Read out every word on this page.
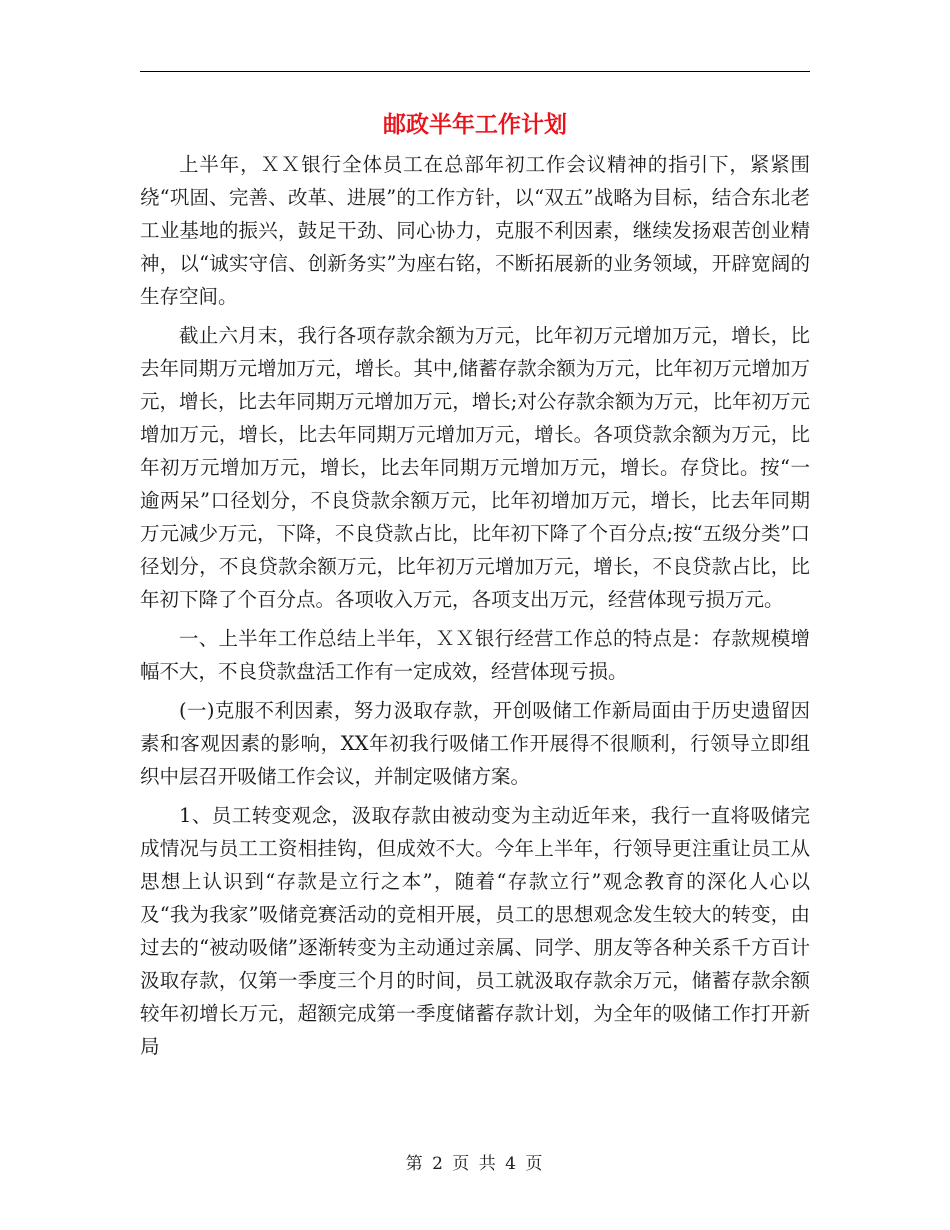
邮政半年工作计划

上半年，ＸＸ银行全体员工在总部年初工作会议精神的指引下，紧紧围绕“巩固、完善、改革、进展”的工作方针，以“双五”战略为目标，结合东北老工业基地的振兴，鼓足干劲、同心协力，克服不利因素，继续发扬艰苦创业精神，以“诚实守信、创新务实”为座右铭，不断拓展新的业务领域，开辟宽阔的生存空间。

截止六月末，我行各项存款余额为万元，比年初万元增加万元，增长，比去年同期万元增加万元，增长。其中,储蓄存款余额为万元，比年初万元增加万元，增长，比去年同期万元增加万元，增长;对公存款余额为万元，比年初万元增加万元，增长，比去年同期万元增加万元，增长。各项贷款余额为万元，比年初万元增加万元，增长，比去年同期万元增加万元，增长。存贷比。按“一逾两呆”口径划分，不良贷款余额万元，比年初增加万元，增长，比去年同期万元减少万元，下降，不良贷款占比，比年初下降了个百分点;按“五级分类”口径划分，不良贷款余额万元，比年初万元增加万元，增长，不良贷款占比，比年初下降了个百分点。各项收入万元，各项支出万元，经营体现亏损万元。

一、上半年工作总结上半年，ＸＸ银行经营工作总的特点是：存款规模增幅不大，不良贷款盘活工作有一定成效，经营体现亏损。

(一)克服不利因素，努力汲取存款，开创吸储工作新局面由于历史遗留因素和客观因素的影响，XX年初我行吸储工作开展得不很顺利，行领导立即组织中层召开吸储工作会议，并制定吸储方案。

1、员工转变观念，汲取存款由被动变为主动近年来，我行一直将吸储完成情况与员工工资相挂钩，但成效不大。今年上半年，行领导更注重让员工从思想上认识到“存款是立行之本”，随着“存款立行”观念教育的深化人心以及“我为我家”吸储竞赛活动的竞相开展，员工的思想观念发生较大的转变，由过去的“被动吸储”逐渐转变为主动通过亲属、同学、朋友等各种关系千方百计汲取存款，仅第一季度三个月的时间，员工就汲取存款余万元，储蓄存款余额较年初增长万元，超额完成第一季度储蓄存款计划，为全年的吸储工作打开新局

第 2 页 共 4 页
